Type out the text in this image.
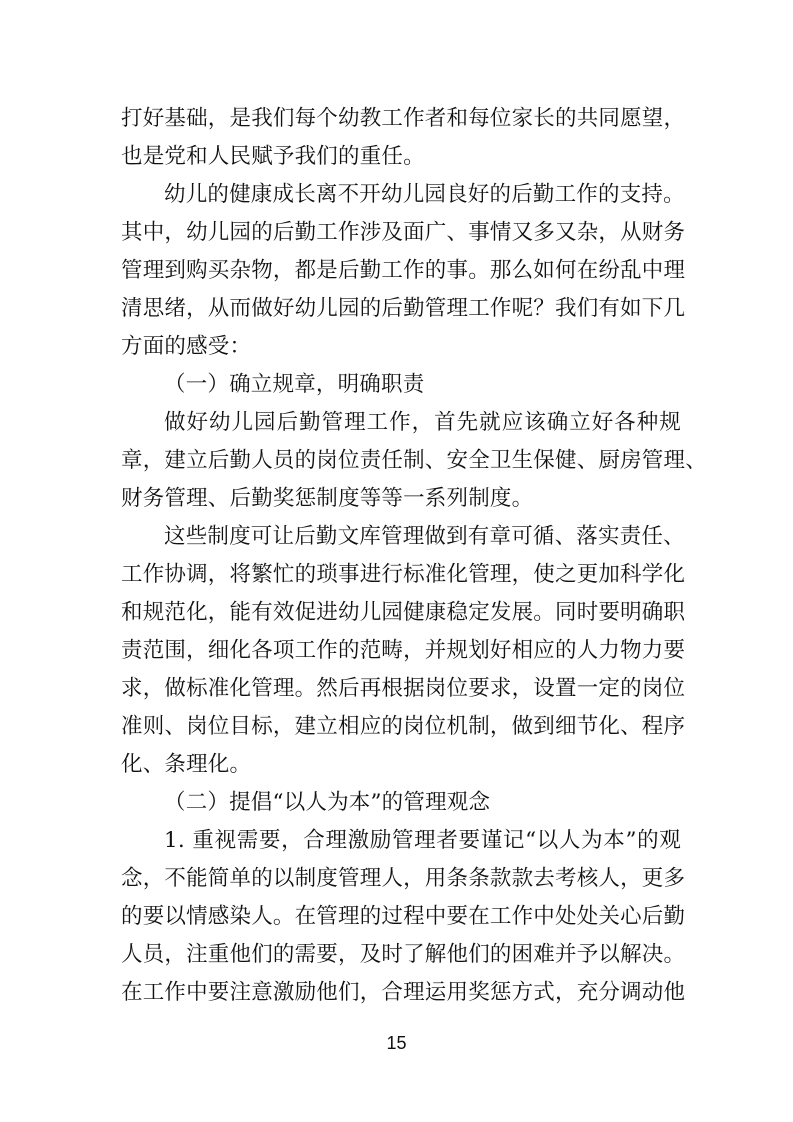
打好基础，是我们每个幼教工作者和每位家长的共同愿望，
也是党和人民赋予我们的重任。
幼儿的健康成长离不开幼儿园良好的后勤工作的支持。
其中，幼儿园的后勤工作涉及面广、事情又多又杂，从财务
管理到购买杂物，都是后勤工作的事。那么如何在纷乱中理
清思绪，从而做好幼儿园的后勤管理工作呢？我们有如下几
方面的感受：
（一）确立规章，明确职责
做好幼儿园后勤管理工作，首先就应该确立好各种规
章，建立后勤人员的岗位责任制、安全卫生保健、厨房管理、
财务管理、后勤奖惩制度等等一系列制度。
这些制度可让后勤文库管理做到有章可循、落实责任、
工作协调，将繁忙的琐事进行标准化管理，使之更加科学化
和规范化，能有效促进幼儿园健康稳定发展。同时要明确职
责范围，细化各项工作的范畴，并规划好相应的人力物力要
求，做标准化管理。然后再根据岗位要求，设置一定的岗位
准则、岗位目标，建立相应的岗位机制，做到细节化、程序
化、条理化。
（二）提倡“以人为本”的管理观念
1. 重视需要，合理激励管理者要谨记“以人为本”的观
念，不能简单的以制度管理人，用条条款款去考核人，更多
的要以情感染人。在管理的过程中要在工作中处处关心后勤
人员，注重他们的需要，及时了解他们的困难并予以解决。
在工作中要注意激励他们，合理运用奖惩方式，充分调动他
15
